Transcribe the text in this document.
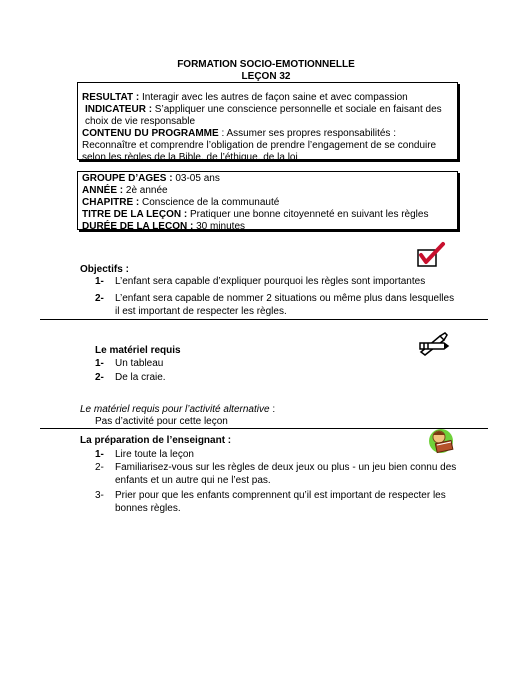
FORMATION SOCIO-EMOTIONNELLE
LEÇON 32

RESULTAT : Interagir avec les autres de façon saine et avec compassion

INDICATEUR : S’appliquer une conscience personnelle et sociale en faisant des choix de vie responsable

CONTENU DU PROGRAMME : Assumer ses propres responsabilités : Reconnaître et comprendre l’obligation de prendre l’engagement de se conduire selon les règles de la Bible, de l’éthique, de la loi

GROUPE D’AGES : 03-05 ans

ANNÉE : 2è année

CHAPITRE : Conscience de la communauté

TITRE DE LA LEÇON : Pratiquer une bonne citoyenneté en suivant les règles

DURÉE DE LA LEÇON : 30 minutes

Objectifs :
1- L’enfant sera capable d’expliquer pourquoi les règles sont importantes
2- L’enfant sera capable de nommer 2 situations ou même plus dans lesquelles il est important de respecter les règles.
Le matériel requis
1- Un tableau
2- De la craie.
Le matériel requis pour l’activité alternative :
Pas d’activité pour cette leçon
La préparation de l’enseignant :
1- Lire toute la leçon
2- Familiarisez-vous sur les règles de deux jeux ou plus - un jeu bien connu des enfants et un autre qui ne l’est pas.
3- Prier pour que les enfants comprennent qu’il est important de respecter les bonnes règles.
